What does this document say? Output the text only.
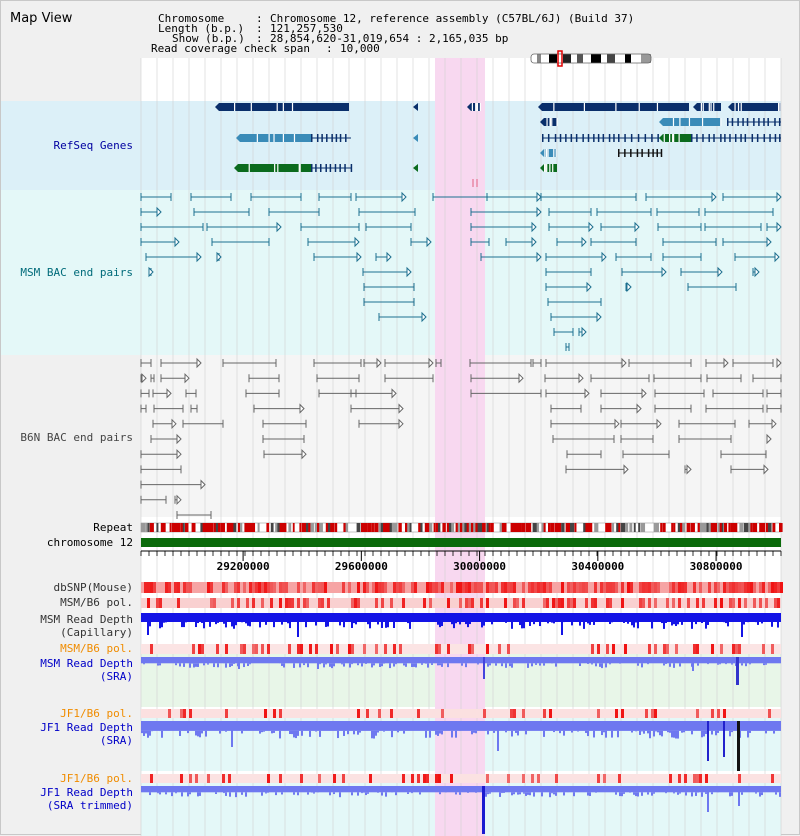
Map View	Chromosome	: Chromosome 12, reference assembly (C57BL/6J) (Build 37)
Length (b.p.) : 121,257,530
Show (b.p.) : 28,854,620-31,019,654 : 2,165,035 bp
Read coverage check span : 10,000
29200000	29600000	30000000	30400000	30800000
RefSeq Genes
MSM BAC end pairs
B6N BAC end pairs
Repeat
chromosome 12
dbSNP(Mouse)
MSM/B6 pol.
MSM Read Depth
(Capillary)
MSM/B6 pol.
MSM Read Depth
(SRA)
JF1/B6 pol.
JF1 Read Depth
(SRA)
JF1/B6 pol.
JF1 Read Depth
(SRA trimmed)
